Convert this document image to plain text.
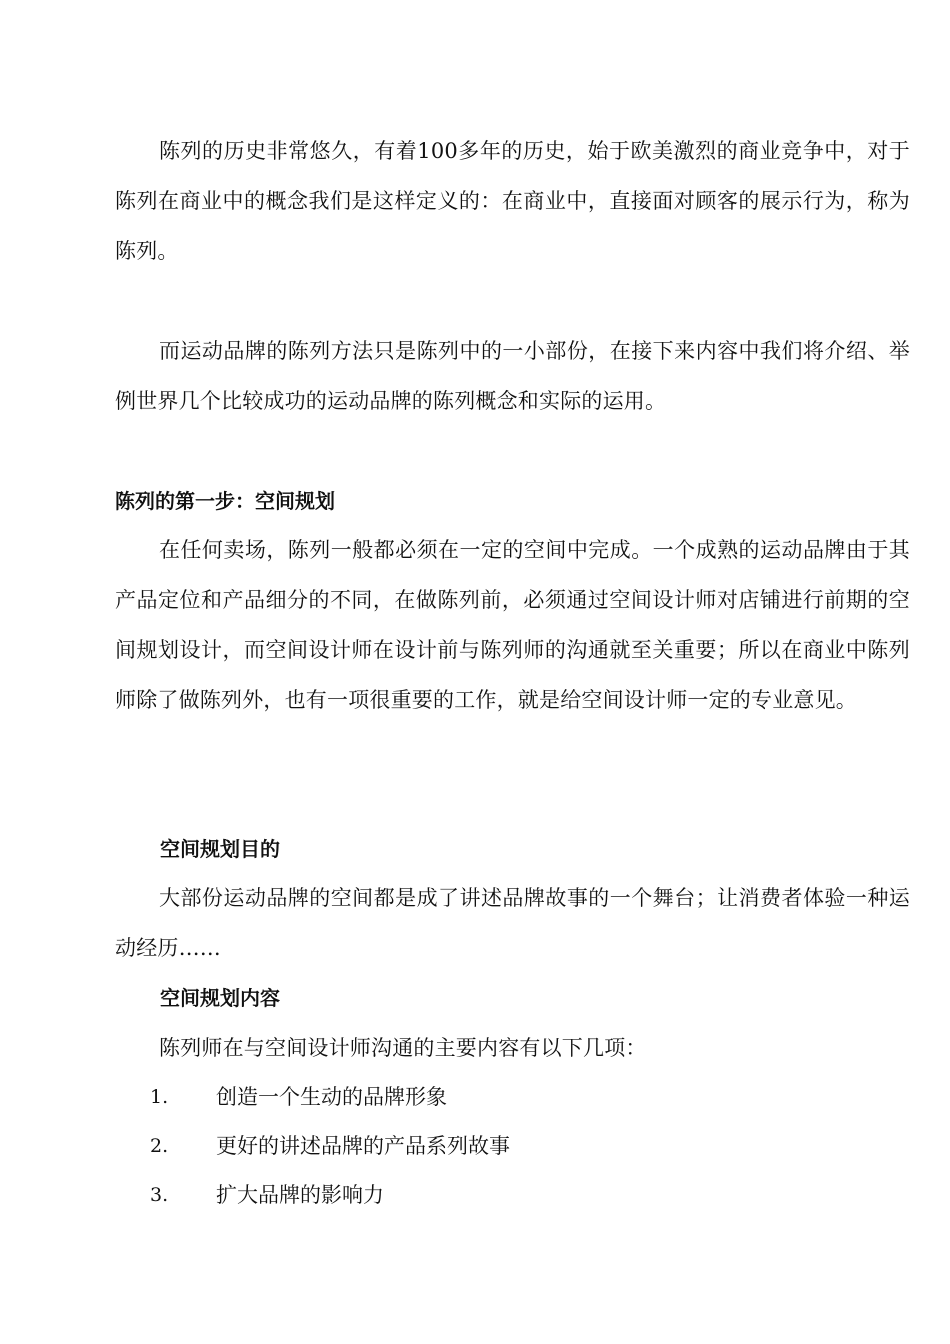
陈列的历史非常悠久，有着100多年的历史，始于欧美激烈的商业竞争中，对于陈列在商业中的概念我们是这样定义的：在商业中，直接面对顾客的展示行为，称为陈列。

而运动品牌的陈列方法只是陈列中的一小部份，在接下来内容中我们将介绍、举例世界几个比较成功的运动品牌的陈列概念和实际的运用。

陈列的第一步：空间规划

在任何卖场，陈列一般都必须在一定的空间中完成。一个成熟的运动品牌由于其产品定位和产品细分的不同，在做陈列前，必须通过空间设计师对店铺进行前期的空间规划设计，而空间设计师在设计前与陈列师的沟通就至关重要；所以在商业中陈列师除了做陈列外，也有一项很重要的工作，就是给空间设计师一定的专业意见。

空间规划目的

大部份运动品牌的空间都是成了讲述品牌故事的一个舞台；让消费者体验一种运动经历……

空间规划内容

陈列师在与空间设计师沟通的主要内容有以下几项：

1.	创造一个生动的品牌形象
2.	更好的讲述品牌的产品系列故事
3.	扩大品牌的影响力
